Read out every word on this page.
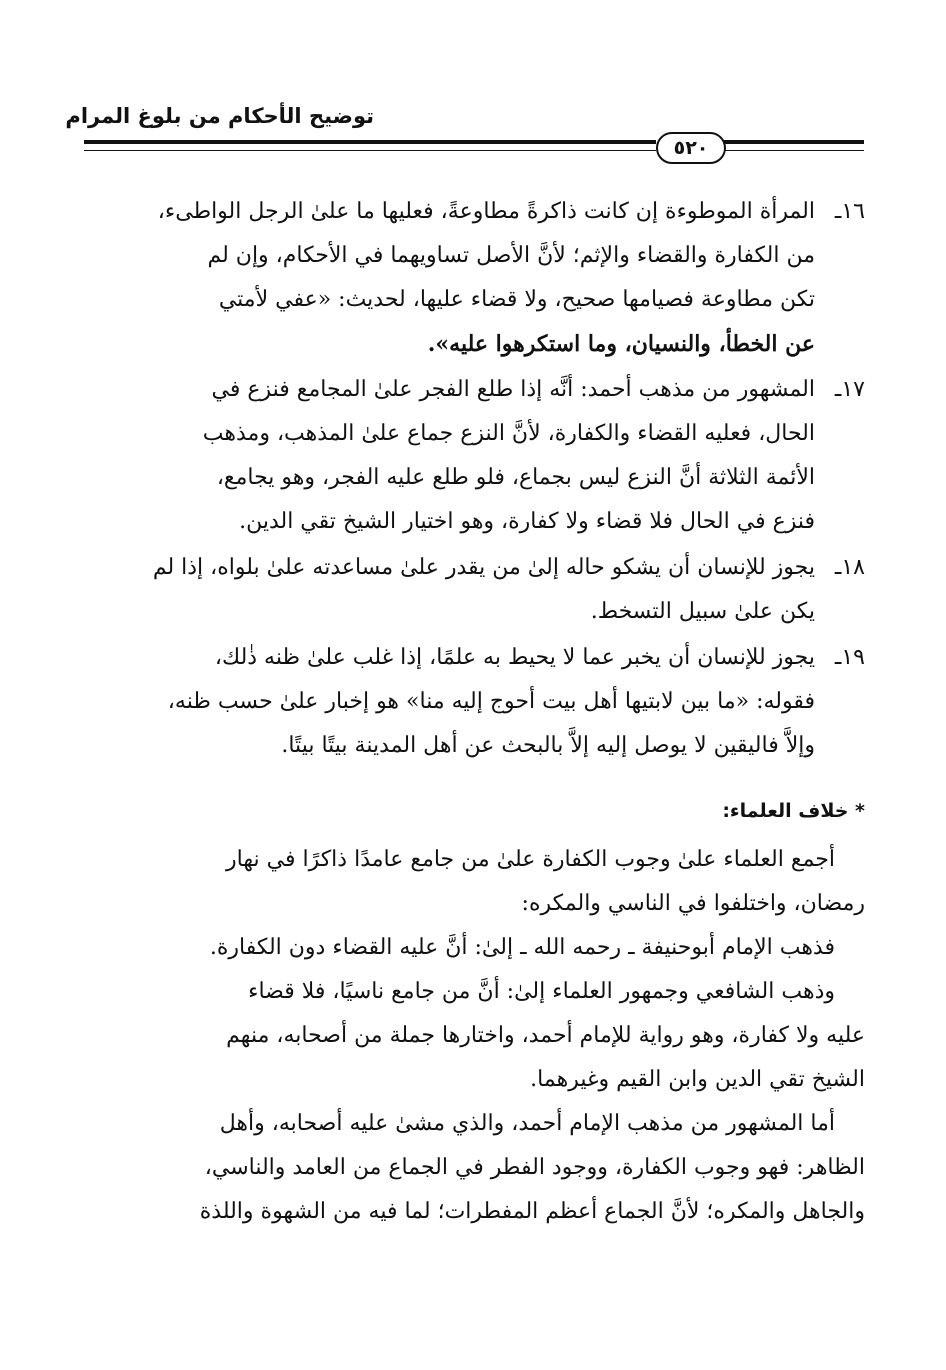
توضيح الأحكام من بلوغ المرام
٥٢٠
١٦ـ
المرأة الموطوءة إن كانت ذاكرةً مطاوعةً، فعليها ما علىٰ الرجل الواطىء،
من الكفارة والقضاء والإثم؛ لأنَّ الأصل تساويهما في الأحكام، وإن لم
تكن مطاوعة فصيامها صحيح، ولا قضاء عليها، لحديث: «عفي لأمتي
عن الخطأ، والنسيان، وما استكرهوا عليه».
١٧ـ
المشهور من مذهب أحمد: أنَّه إذا طلع الفجر علىٰ المجامع فنزع في
الحال، فعليه القضاء والكفارة، لأنَّ النزع جماع علىٰ المذهب، ومذهب
الأئمة الثلاثة أنَّ النزع ليس بجماع، فلو طلع عليه الفجر، وهو يجامع،
فنزع في الحال فلا قضاء ولا كفارة، وهو اختيار الشيخ تقي الدين.
١٨ـ
يجوز للإنسان أن يشكو حاله إلىٰ من يقدر علىٰ مساعدته علىٰ بلواه، إذا لم
يكن علىٰ سبيل التسخط.
١٩ـ
يجوز للإنسان أن يخبر عما لا يحيط به علمًا، إذا غلب علىٰ ظنه ذٰلك،
فقوله: «ما بين لابتيها أهل بيت أحوج إليه منا» هو إخبار علىٰ حسب ظنه،
وإلاَّ فاليقين لا يوصل إليه إلاَّ بالبحث عن أهل المدينة بيتًا بيتًا.
* خلاف العلماء:
أجمع العلماء علىٰ وجوب الكفارة علىٰ من جامع عامدًا ذاكرًا في نهار
رمضان، واختلفوا في الناسي والمكره:
فذهب الإمام أبوحنيفة ـ رحمه الله ـ إلىٰ: أنَّ عليه القضاء دون الكفارة.
وذهب الشافعي وجمهور العلماء إلىٰ: أنَّ من جامع ناسيًا، فلا قضاء
عليه ولا كفارة، وهو رواية للإمام أحمد، واختارها جملة من أصحابه، منهم
الشيخ تقي الدين وابن القيم وغيرهما.
أما المشهور من مذهب الإمام أحمد، والذي مشىٰ عليه أصحابه، وأهل
الظاهر: فهو وجوب الكفارة، ووجود الفطر في الجماع من العامد والناسي،
والجاهل والمكره؛ لأنَّ الجماع أعظم المفطرات؛ لما فيه من الشهوة واللذة
